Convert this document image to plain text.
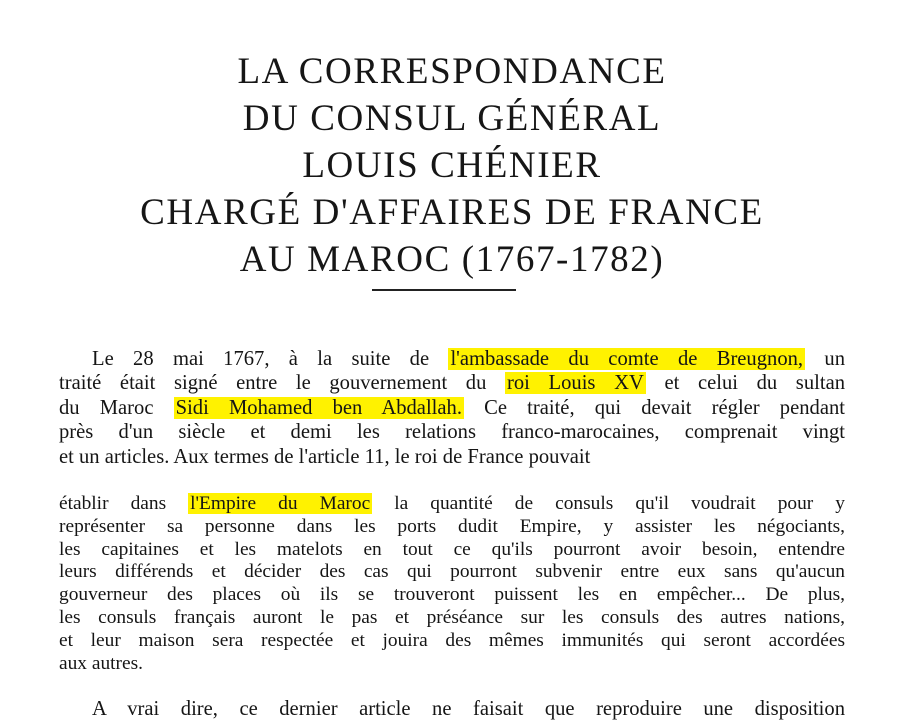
LA CORRESPONDANCE
DU CONSUL GÉNÉRAL
LOUIS CHÉNIER
CHARGÉ D'AFFAIRES DE FRANCE
AU MAROC (1767-1782)
Le 28 mai 1767, à la suite de l'ambassade du comte de Breugnon, un
traité était signé entre le gouvernement du roi Louis XV et celui du sultan
du Maroc Sidi Mohamed ben Abdallah. Ce traité, qui devait régler pendant
près d'un siècle et demi les relations franco-marocaines, comprenait vingt
et un articles. Aux termes de l'article 11, le roi de France pouvait
établir dans l'Empire du Maroc la quantité de consuls qu'il voudrait pour y
représenter sa personne dans les ports dudit Empire, y assister les négociants,
les capitaines et les matelots en tout ce qu'ils pourront avoir besoin, entendre
leurs différends et décider des cas qui pourront subvenir entre eux sans qu'aucun
gouverneur des places où ils se trouveront puissent les en empêcher... De plus,
les consuls français auront le pas et préséance sur les consuls des autres nations,
et leur maison sera respectée et jouira des mêmes immunités qui seront accordées
aux autres.
A vrai dire, ce dernier article ne faisait que reproduire une disposition
